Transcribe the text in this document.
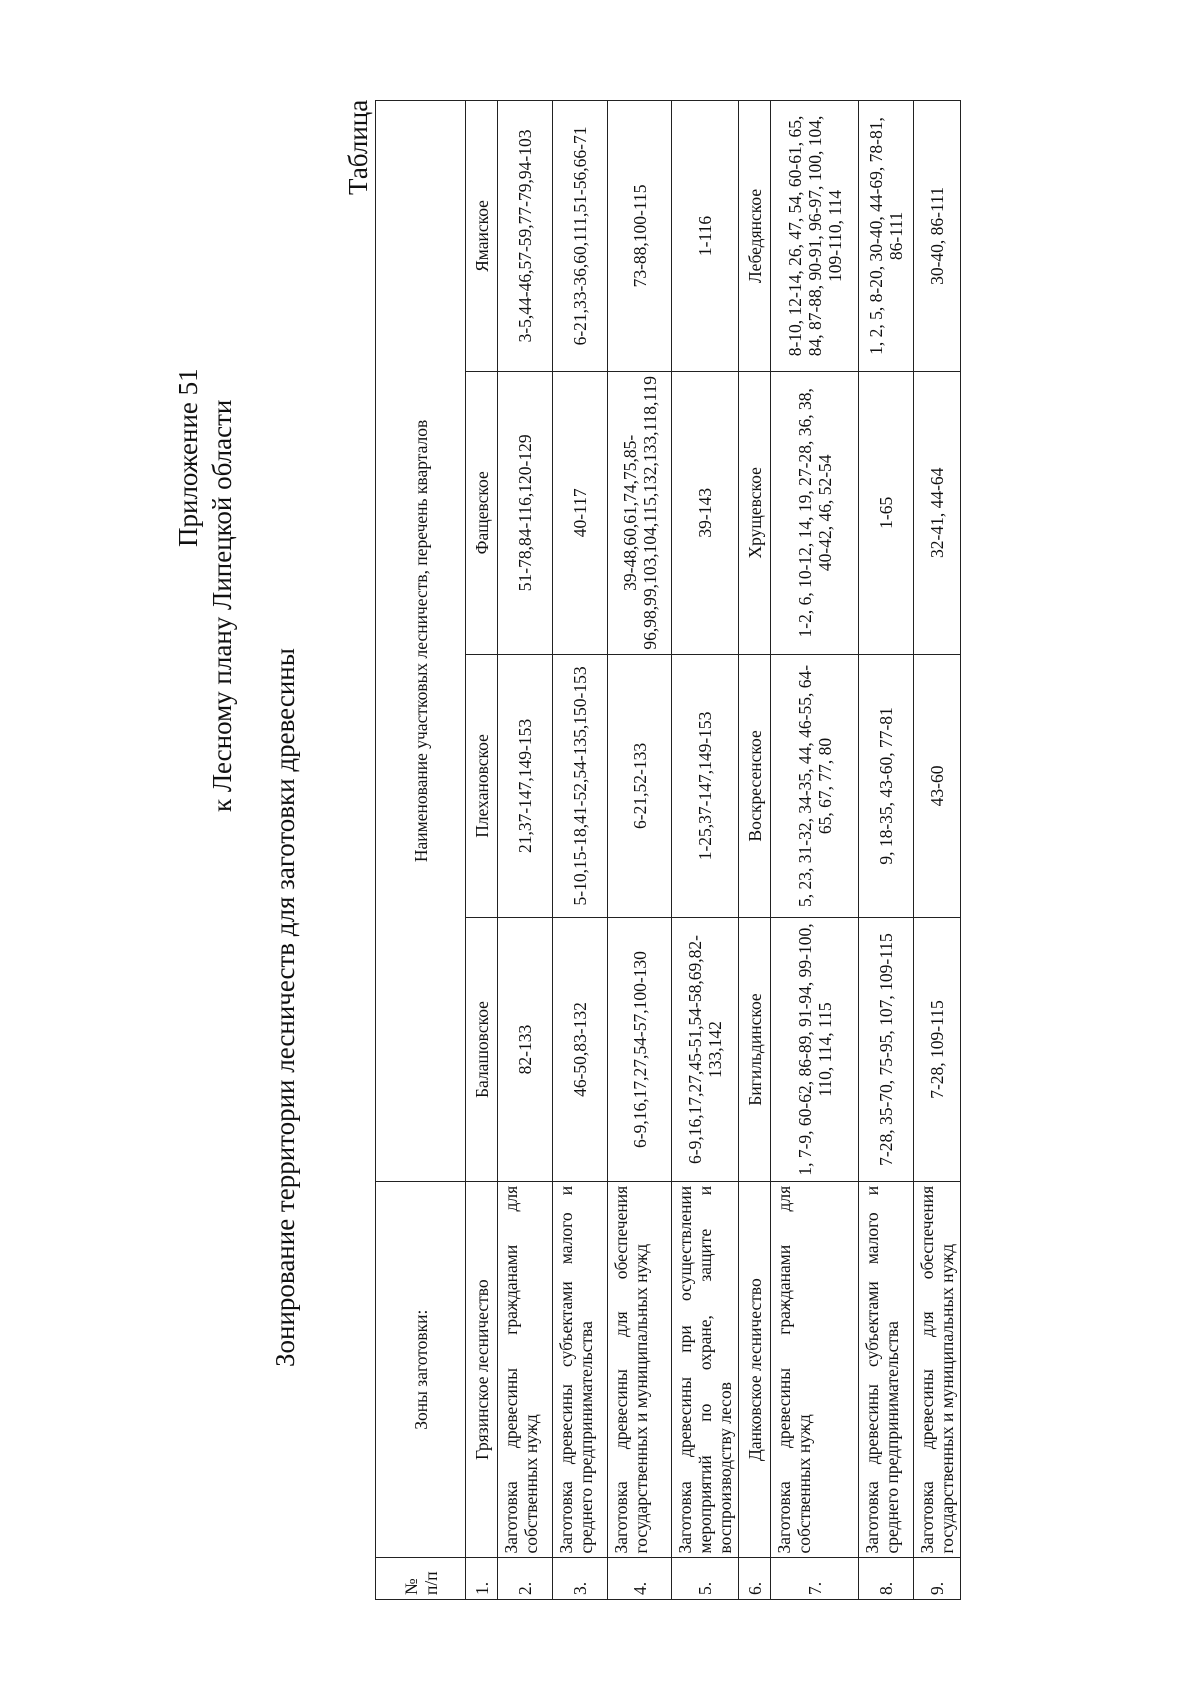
Приложение 51 к Лесному плану Липецкой области
Зонирование территории лесничеств для заготовки древесины
Таблица
№ п/п	Зоны заготовки:	Наименование участковых лесничеств, перечень кварталов			
1.	Грязинское лесничество	Балашовское	Плехановское	Фащевское	Ямаиское
2.	Заготовка древесины гражданами для собственных нужд	82-133	21,37-147,149-153	51-78,84-116,120-129	3-5,44-46,57-59,77-79,94-103
3.	Заготовка древесины субъектами малого и среднего предпринимательства	46-50,83-132	5-10,15-18,41-52,54-135,150-153	40-117	6-21,33-36,60,111,51-56,66-71
4.	Заготовка древесины для обеспечения государственных и муниципальных нужд	6-9,16,17,27,54-57,100-130	6-21,52-133	39-48,60,61,74,75,85-96,98,99,103,104,115,132,133,118,119	73-88,100-115
5.	Заготовка древесины при осуществлении мероприятий по охране, защите и воспроизводству лесов	6-9,16,17,27,45-51,54-58,69,82-133,142	1-25,37-147,149-153	39-143	1-116
6.	Данковское лесничество	Бигильдинское	Воскресенское	Хрущевское	Лебедянское
7.	Заготовка древесины гражданами для собственных нужд	1, 7-9, 60-62, 86-89, 91-94, 99-100, 110, 114, 115	5, 23, 31-32, 34-35, 44, 46-55, 64-65, 67, 77, 80	1-2, 6, 10-12, 14, 19, 27-28, 36, 38, 40-42, 46, 52-54	8-10, 12-14, 26, 47, 54, 60-61, 65, 84, 87-88, 90-91, 96-97, 100, 104, 109-110, 114
8.	Заготовка древесины субъектами малого и среднего предпринимательства	7-28, 35-70, 75-95, 107, 109-115	9, 18-35, 43-60, 77-81	1-65	1, 2, 5, 8-20, 30-40, 44-69, 78-81, 86-111
9.	Заготовка древесины для обеспечения государственных и муниципальных нужд	7-28, 109-115	43-60	32-41, 44-64	30-40, 86-111
